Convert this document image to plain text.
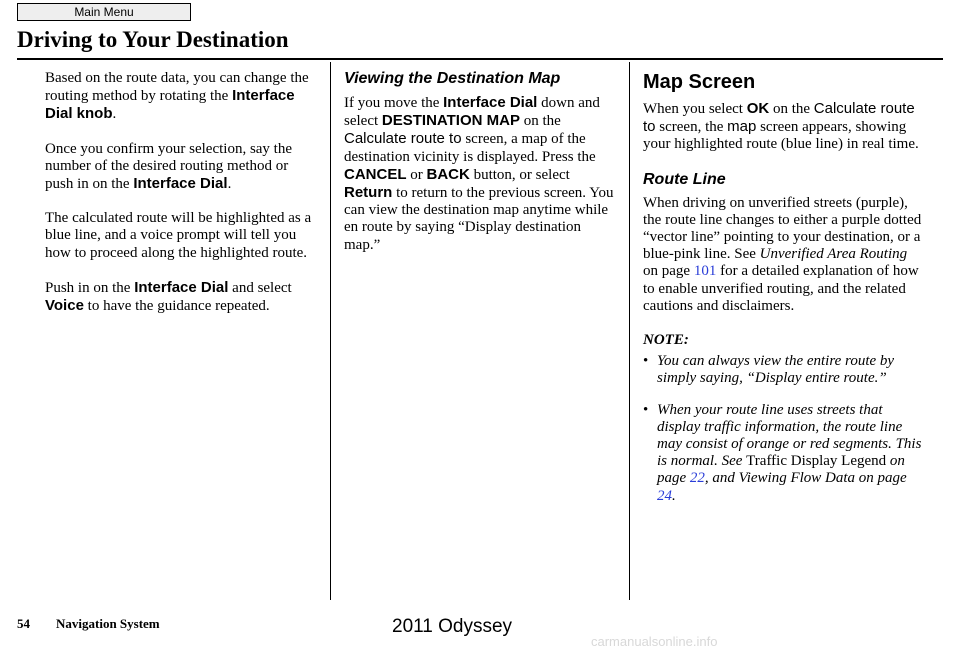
Main Menu
Driving to Your Destination

Based on the route data, you can change the routing method by rotating the Interface Dial knob.

Once you confirm your selection, say the number of the desired routing method or push in on the Interface Dial.

The calculated route will be highlighted as a blue line, and a voice prompt will tell you how to proceed along the highlighted route.

Push in on the Interface Dial and select Voice to have the guidance repeated.

Viewing the Destination Map

If you move the Interface Dial down and select DESTINATION MAP on the Calculate route to screen, a map of the destination vicinity is displayed. Press the CANCEL or BACK button, or select Return to return to the previous screen. You can view the destination map anytime while en route by saying “Display destination map.”

Map Screen

When you select OK on the Calculate route to screen, the map screen appears, showing your highlighted route (blue line) in real time.

Route Line

When driving on unverified streets (purple), the route line changes to either a purple dotted “vector line” pointing to your destination, or a blue-pink line. See Unverified Area Routing on page 101 for a detailed explanation of how to enable unverified routing, and the related cautions and disclaimers.

NOTE:
• You can always view the entire route by simply saying, “Display entire route.”
• When your route line uses streets that display traffic information, the route line may consist of orange or red segments. This is normal. See Traffic Display Legend on page 22, and Viewing Flow Data on page 24.
54 Navigation System	2011 Odyssey
carmanualsonline.info
